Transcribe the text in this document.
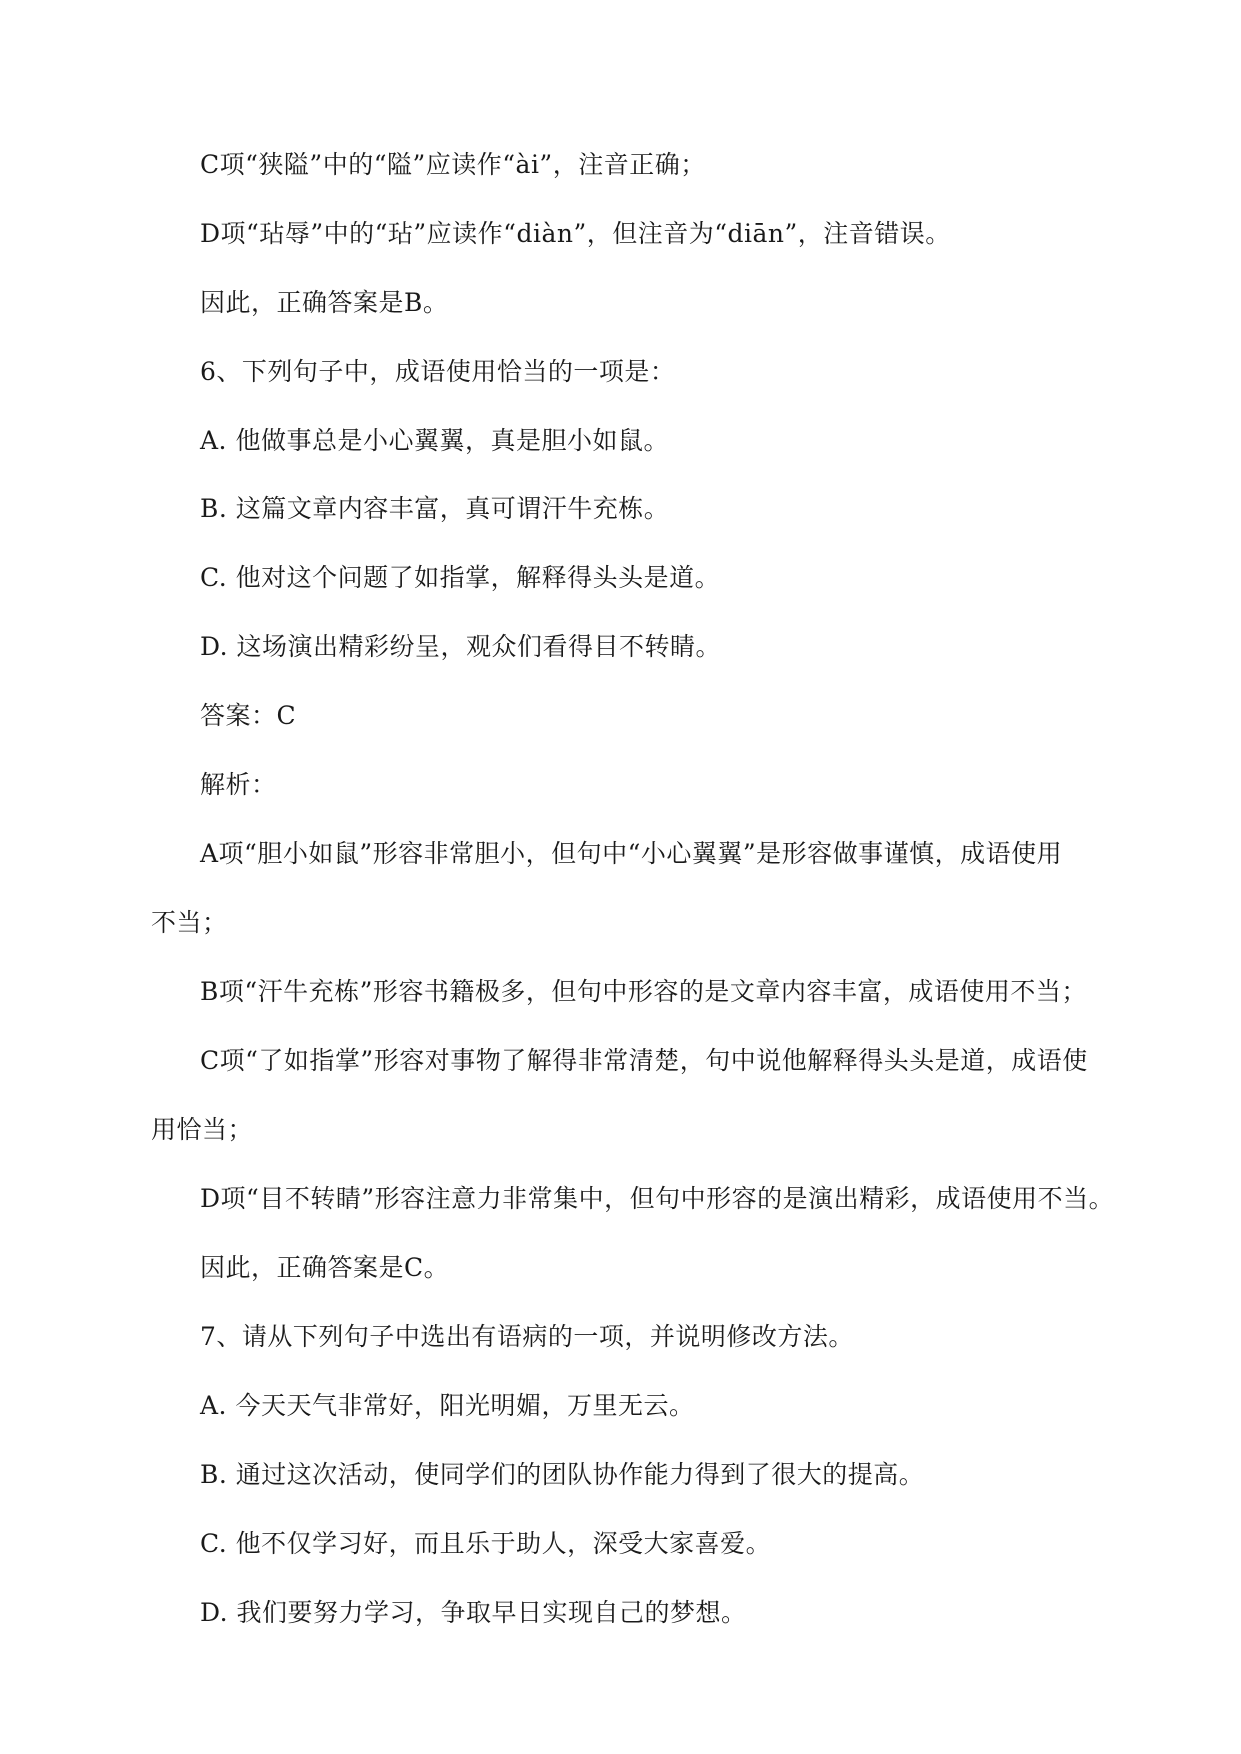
C项“狭隘”中的“隘”应读作“ài”，注音正确；
D项“玷辱”中的“玷”应读作“diàn”，但注音为“diān”，注音错误。
因此，正确答案是B。
6、下列句子中，成语使用恰当的一项是：
A. 他做事总是小心翼翼，真是胆小如鼠。
B. 这篇文章内容丰富，真可谓汗牛充栋。
C. 他对这个问题了如指掌，解释得头头是道。
D. 这场演出精彩纷呈，观众们看得目不转睛。
答案：C
解析：
A项“胆小如鼠”形容非常胆小，但句中“小心翼翼”是形容做事谨慎，成语使用
不当；
B项“汗牛充栋”形容书籍极多，但句中形容的是文章内容丰富，成语使用不当；
C项“了如指掌”形容对事物了解得非常清楚，句中说他解释得头头是道，成语使
用恰当；
D项“目不转睛”形容注意力非常集中，但句中形容的是演出精彩，成语使用不当。
因此，正确答案是C。
7、请从下列句子中选出有语病的一项，并说明修改方法。
A. 今天天气非常好，阳光明媚，万里无云。
B. 通过这次活动，使同学们的团队协作能力得到了很大的提高。
C. 他不仅学习好，而且乐于助人，深受大家喜爱。
D. 我们要努力学习，争取早日实现自己的梦想。
